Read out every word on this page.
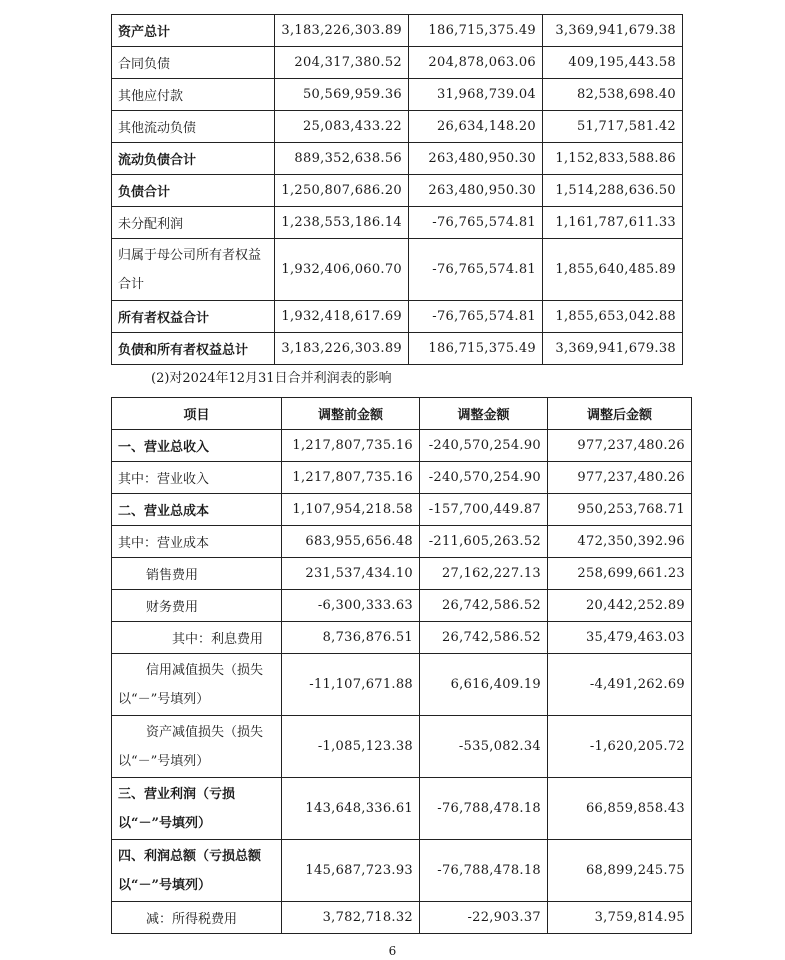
资产总计	3,183,226,303.89	186,715,375.49	3,369,941,679.38
合同负债	204,317,380.52	204,878,063.06	409,195,443.58
其他应付款	50,569,959.36	31,968,739.04	82,538,698.40
其他流动负债	25,083,433.22	26,634,148.20	51,717,581.42
流动负债合计	889,352,638.56	263,480,950.30	1,152,833,588.86
负债合计	1,250,807,686.20	263,480,950.30	1,514,288,636.50
未分配利润	1,238,553,186.14	-76,765,574.81	1,161,787,611.33
归属于母公司所有者权益合计	1,932,406,060.70	-76,765,574.81	1,855,640,485.89
所有者权益合计	1,932,418,617.69	-76,765,574.81	1,855,653,042.88
负债和所有者权益总计	3,183,226,303.89	186,715,375.49	3,369,941,679.38
(2)对2024年12月31日合并利润表的影响
项目	调整前金额	调整金额	调整后金额
一、营业总收入	1,217,807,735.16	-240,570,254.90	977,237,480.26
其中：营业收入	1,217,807,735.16	-240,570,254.90	977,237,480.26
二、营业总成本	1,107,954,218.58	-157,700,449.87	950,253,768.71
其中：营业成本	683,955,656.48	-211,605,263.52	472,350,392.96
销售费用	231,537,434.10	27,162,227.13	258,699,661.23
财务费用	-6,300,333.63	26,742,586.52	20,442,252.89
其中：利息费用	8,736,876.51	26,742,586.52	35,479,463.03
信用减值损失（损失以“－”号填列）	-11,107,671.88	6,616,409.19	-4,491,262.69
资产减值损失（损失以“－”号填列）	-1,085,123.38	-535,082.34	-1,620,205.72
三、营业利润（亏损以“－”号填列）	143,648,336.61	-76,788,478.18	66,859,858.43
四、利润总额（亏损总额以“－”号填列）	145,687,723.93	-76,788,478.18	68,899,245.75
减：所得税费用	3,782,718.32	-22,903.37	3,759,814.95
6
